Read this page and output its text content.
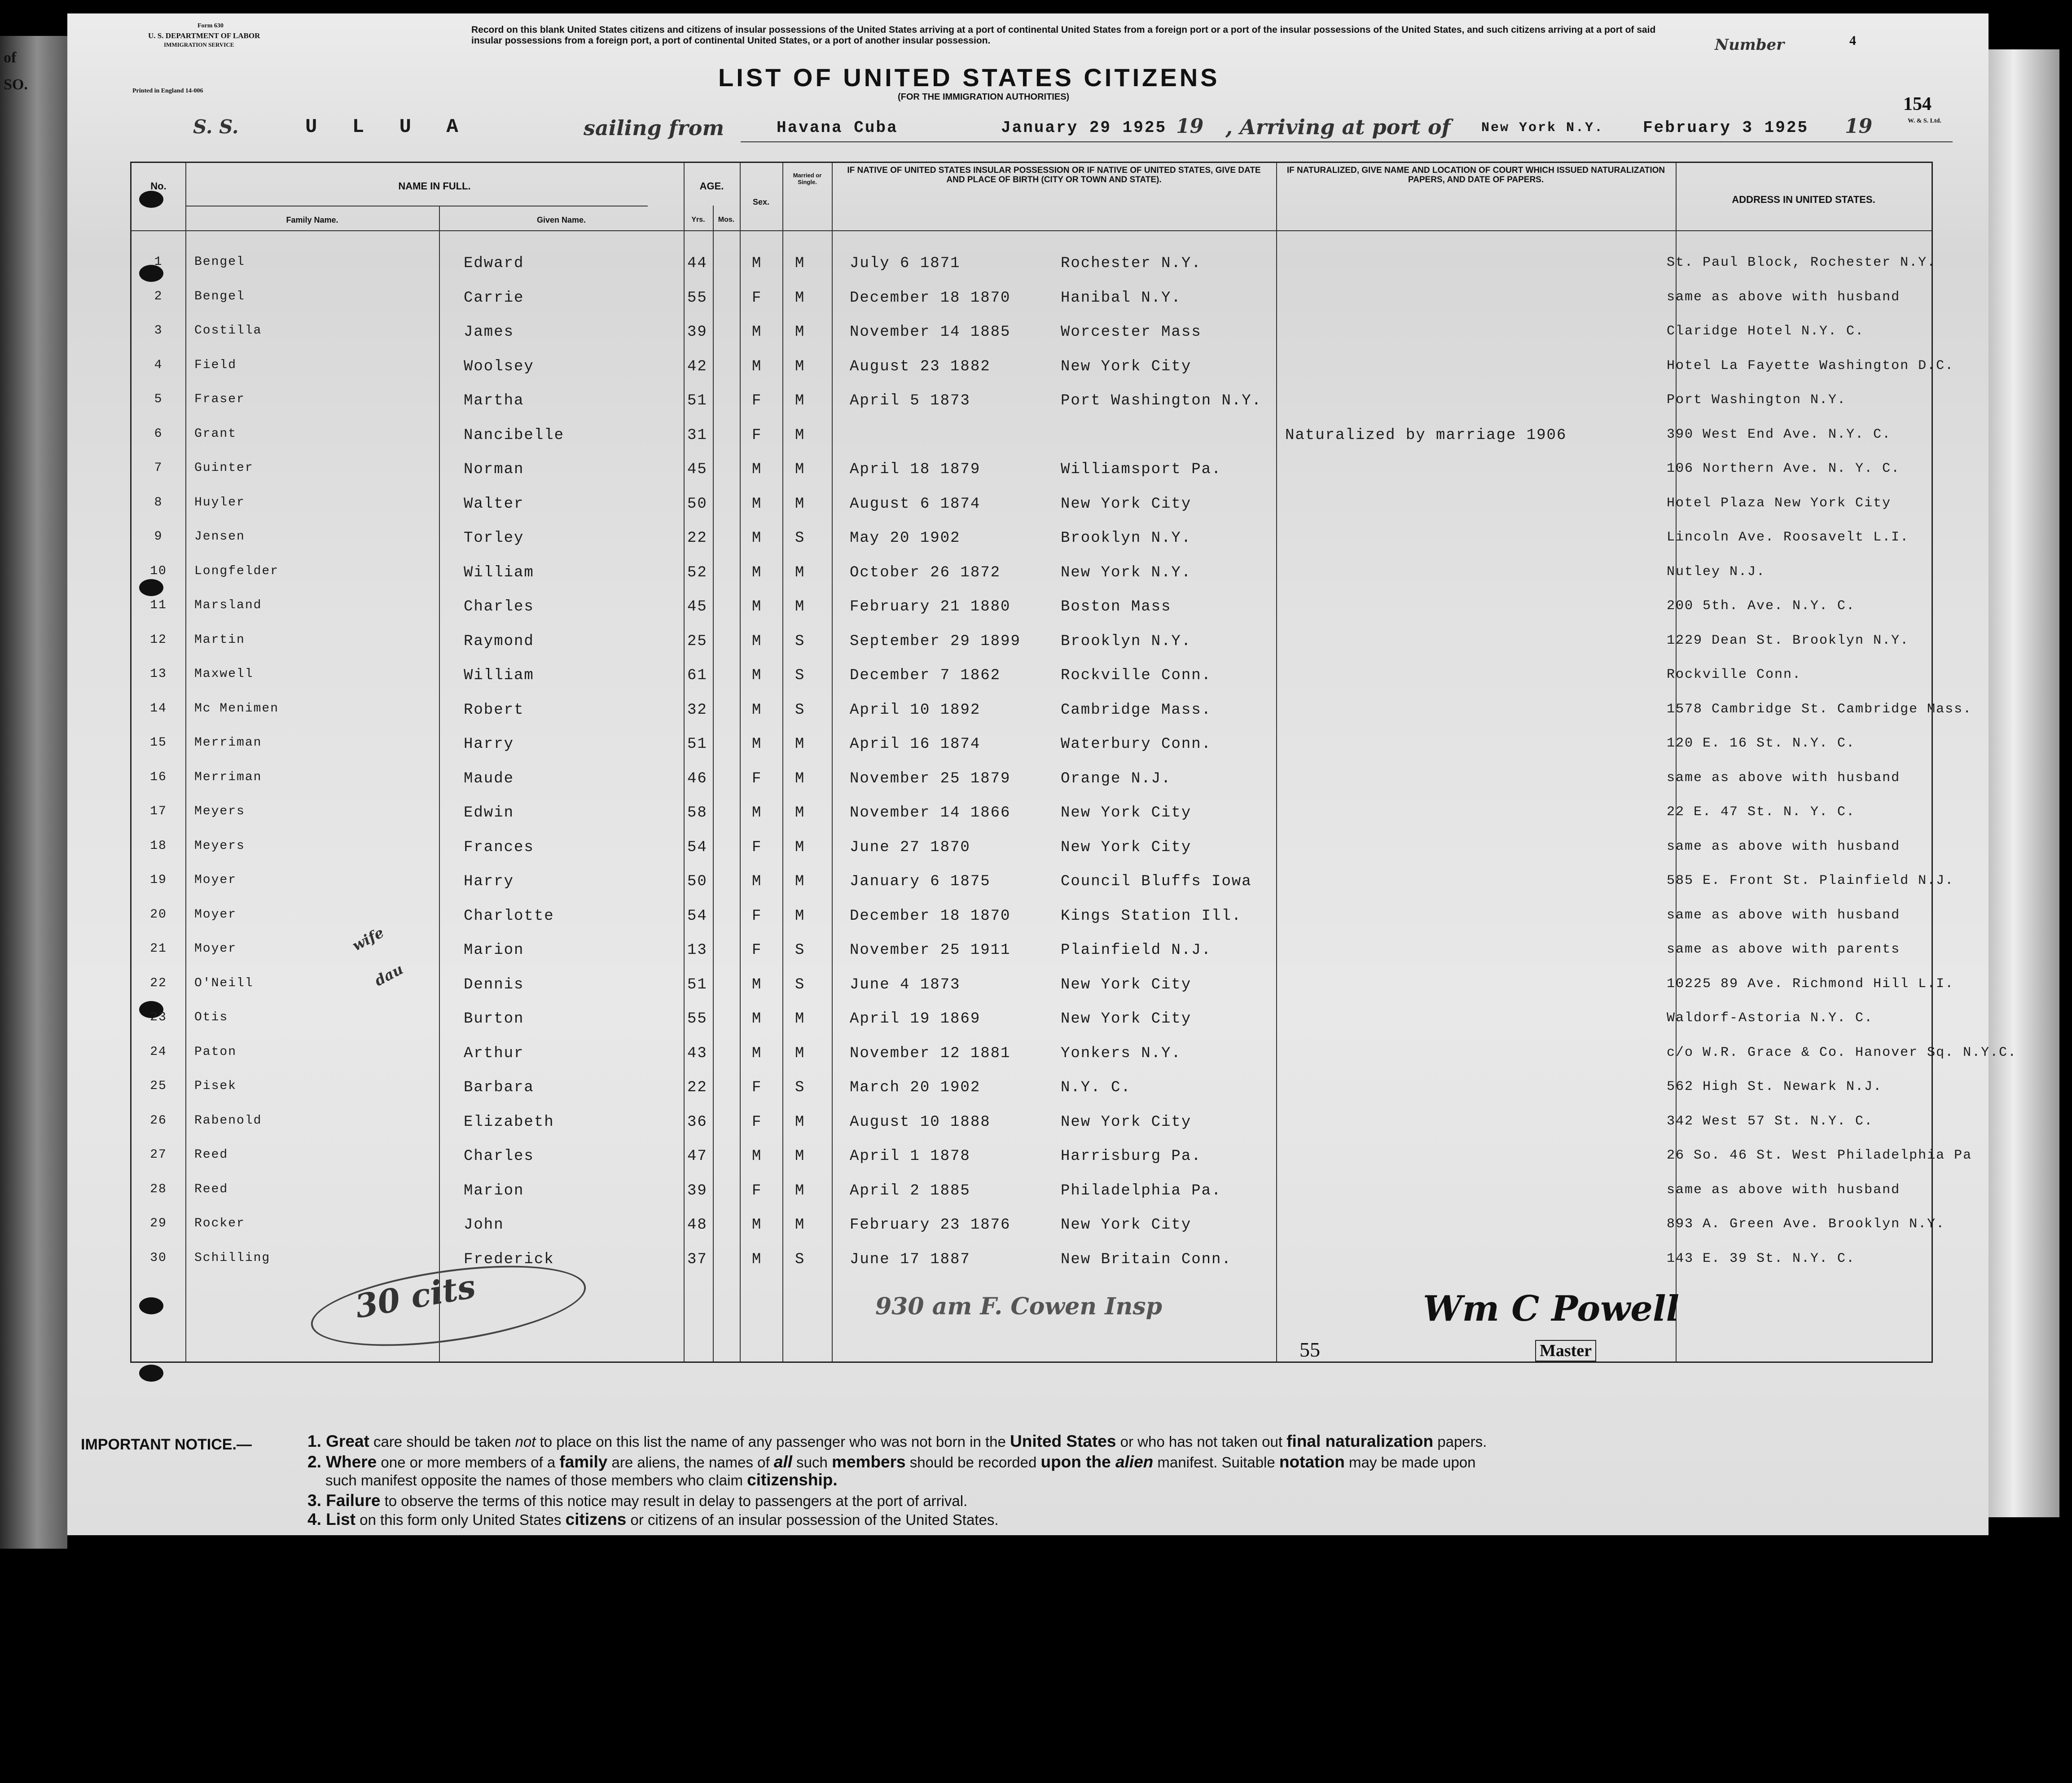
of
SO.
Form 630
U. S. DEPARTMENT OF LABOR
IMMIGRATION SERVICE
Printed in England 14-006
Record on this blank United States citizens and citizens of insular possessions of the United States arriving at a port of continental United States from a foreign port or a port of the insular possessions of the United States, and such citizens arriving at a port of said insular possessions from a foreign port, a port of continental United States, or a port of another insular possession.	Number	4
LIST OF UNITED STATES CITIZENS
(FOR THE IMMIGRATION AUTHORITIES)	154
W. & S. Ltd.
S. S.	U L U A	sailing from	Havana Cuba	January 29 1925 19 , Arriving at port of New York N.Y. February 3 1925 19
No.	NAME IN FULL.
Family Name.	Given Name.
AGE.
Yrs.	Mos.
Sex.
Married or Single.
IF NATIVE OF UNITED STATES INSULAR POSSESSION OR IF NATIVE OF UNITED STATES, GIVE DATE AND PLACE OF BIRTH (CITY OR TOWN AND STATE).
IF NATURALIZED, GIVE NAME AND LOCATION OF COURT WHICH ISSUED NATURALIZATION PAPERS, AND DATE OF PAPERS.
ADDRESS IN UNITED STATES.
1	Bengel	Edward	44	M M	July 6 1871	Rochester N.Y.	St. Paul Block, Rochester N.Y.
2	Bengel	Carrie	55	F M	December 18 1870	Hanibal N.Y.	same as above with husband
3	Costilla	James	39	M M	November 14 1885	Worcester Mass	Claridge Hotel N.Y. C.
4	Field	Woolsey	42	M M	August 23 1882	New York City	Hotel La Fayette Washington D.C.
5	Fraser	Martha	51	F M	April 5 1873	Port Washington N.Y.	Port Washington N.Y.
6	Grant	Nancibelle	31	F M	Naturalized by marriage 1906	390 West End Ave. N.Y. C.
7	Guinter	Norman	45	M M	April 18 1879	Williamsport Pa.	106 Northern Ave. N. Y. C.
8	Huyler	Walter	50	M M	August 6 1874	New York City	Hotel Plaza New York City
9	Jensen	Torley	22	M S	May 20 1902	Brooklyn N.Y.	Lincoln Ave. Roosavelt L.I.
10	Longfelder	William	52	M M	October 26 1872	New York N.Y.	Nutley N.J.
11	Marsland	Charles	45	M M	February 21 1880	Boston Mass	200 5th. Ave. N.Y. C.
12	Martin	Raymond	25	M S	September 29 1899	Brooklyn N.Y.	1229 Dean St. Brooklyn N.Y.
13	Maxwell	William	61	M S	December 7 1862	Rockville Conn.	Rockville Conn.
14	Mc Menimen	Robert	32	M S	April 10 1892	Cambridge Mass.	1578 Cambridge St. Cambridge Mass.
15	Merriman	Harry	51	M M	April 16 1874	Waterbury Conn.	120 E. 16 St. N.Y. C.
16	Merriman	Maude	46	F M	November 25 1879	Orange N.J.	same as above with husband
17	Meyers	Edwin	58	M M	November 14 1866	New York City	22 E. 47 St. N. Y. C.
18	Meyers	Frances	54	F M	June 27 1870	New York City	same as above with husband
19	Moyer	Harry	50	M M	January 6 1875	Council Bluffs Iowa	585 E. Front St. Plainfield N.J.
20	Moyer	Charlotte	54	F M	December 18 1870	Kings Station Ill.	same as above with husband
21	Moyer	Marion	13	F S	November 25 1911	Plainfield N.J.	same as above with parents
22	O'Neill	Dennis	51	M S	June 4 1873	New York City	10225 89 Ave. Richmond Hill L.I.
23	Otis	Burton	55	M M	April 19 1869	New York City	Waldorf-Astoria N.Y. C.
24	Paton	Arthur	43	M M	November 12 1881	Yonkers N.Y.	c/o W.R. Grace & Co. Hanover Sq. N.Y.C.
25	Pisek	Barbara	22	F S	March 20 1902	N.Y. C.	562 High St. Newark N.J.
26	Rabenold	Elizabeth	36	F M	August 10 1888	New York City	342 West 57 St. N.Y. C.
27	Reed	Charles	47	M M	April 1 1878	Harrisburg Pa.	26 So. 46 St. West Philadelphia Pa
28	Reed	Marion	39	F M	April 2 1885	Philadelphia Pa.	same as above with husband
29	Rocker	John	48	M M	February 23 1876	New York City	893 A. Green Ave. Brooklyn N.Y.
30	Schilling	Frederick	37	M S	June 17 1887	New Britain Conn.	143 E. 39 St. N.Y. C.
wife
dau
30 cits	930 am F. Cowen Insp
55
Wm C Powell
Master
IMPORTANT NOTICE.—	1. Great care should be taken not to place on this list the name of any passenger who was not born in the United States or who has not taken out final naturalization papers.
2. Where one or more members of a family are aliens, the names of all such members should be recorded upon the alien manifest. Suitable notation may be made upon
such manifest opposite the names of those members who claim citizenship.
3. Failure to observe the terms of this notice may result in delay to passengers at the port of arrival.
4. List on this form only United States citizens or citizens of an insular possession of the United States.
